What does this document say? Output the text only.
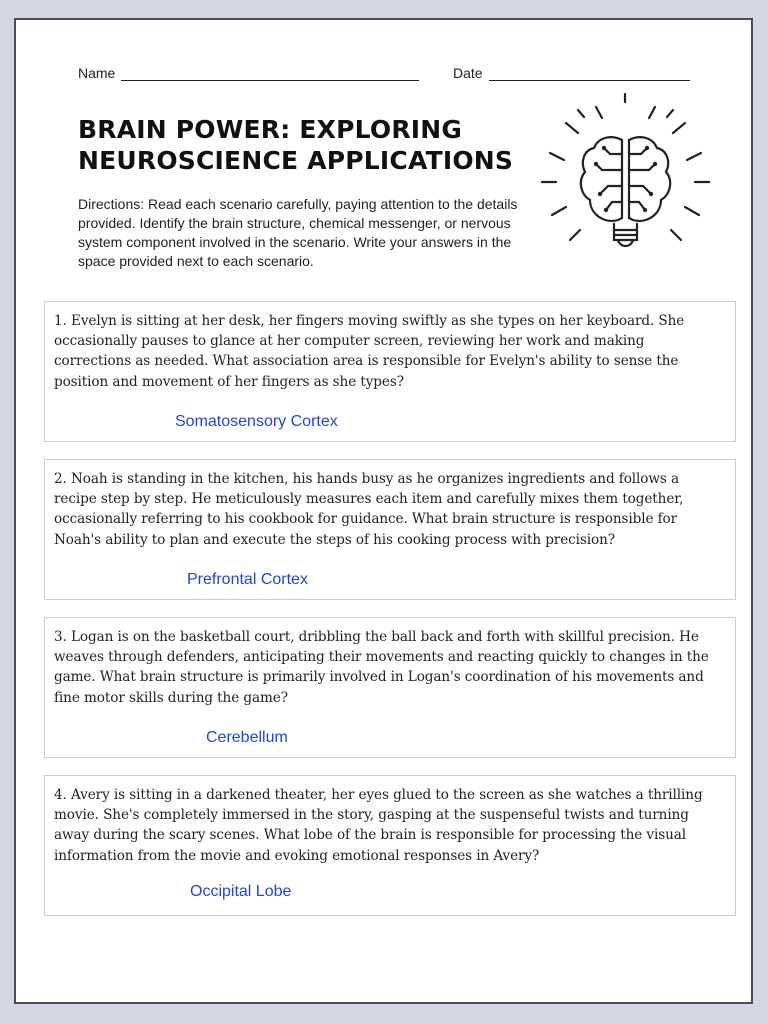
Name	Date
BRAIN POWER: EXPLORING
NEUROSCIENCE APPLICATIONS
Directions: Read each scenario carefully, paying attention to the details provided. Identify the brain structure, chemical messenger, or nervous system component involved in the scenario. Write your answers in the space provided next to each scenario.
1. Evelyn is sitting at her desk, her fingers moving swiftly as she types on her keyboard. She occasionally pauses to glance at her computer screen, reviewing her work and making corrections as needed. What association area is responsible for Evelyn's ability to sense the position and movement of her fingers as she types?
Somatosensory Cortex
2. Noah is standing in the kitchen, his hands busy as he organizes ingredients and follows a recipe step by step. He meticulously measures each item and carefully mixes them together, occasionally referring to his cookbook for guidance. What brain structure is responsible for Noah's ability to plan and execute the steps of his cooking process with precision?
Prefrontal Cortex
3. Logan is on the basketball court, dribbling the ball back and forth with skillful precision. He weaves through defenders, anticipating their movements and reacting quickly to changes in the game. What brain structure is primarily involved in Logan's coordination of his movements and fine motor skills during the game?
Cerebellum
4. Avery is sitting in a darkened theater, her eyes glued to the screen as she watches a thrilling movie. She's completely immersed in the story, gasping at the suspenseful twists and turning away during the scary scenes. What lobe of the brain is responsible for processing the visual information from the movie and evoking emotional responses in Avery?
Occipital Lobe
